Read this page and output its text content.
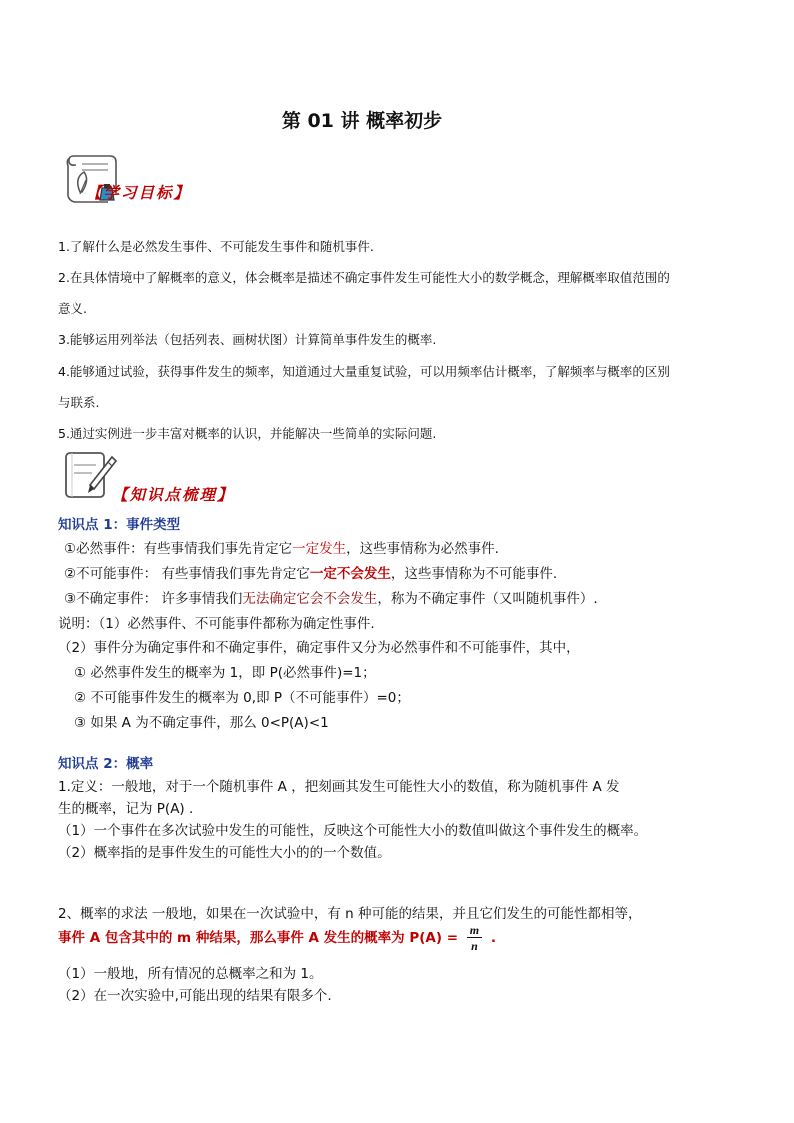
第 01 讲 概率初步
【学习目标】
1.了解什么是必然发生事件、不可能发生事件和随机事件.
2.在具体情境中了解概率的意义，体会概率是描述不确定事件发生可能性大小的数学概念，理解概率取值范围的
意义.
3.能够运用列举法（包括列表、画树状图）计算简单事件发生的概率.
4.能够通过试验，获得事件发生的频率，知道通过大量重复试验，可以用频率估计概率，了解频率与概率的区别
与联系.
5.通过实例进一步丰富对概率的认识，并能解决一些简单的实际问题.
【知识点梳理】
知识点 1：事件类型
①必然事件：有些事情我们事先肯定它一定发生，这些事情称为必然事件.
②不可能事件： 有些事情我们事先肯定它一定不会发生，这些事情称为不可能事件.
③不确定事件： 许多事情我们无法确定它会不会发生，称为不确定事件（又叫随机事件）.
说明：（1）必然事件、不可能事件都称为确定性事件.
（2）事件分为确定事件和不确定事件，确定事件又分为必然事件和不可能事件，其中，
① 必然事件发生的概率为 1，即 P(必然事件)=1；
② 不可能事件发生的概率为 0,即 P（不可能事件）=0；
③ 如果 A 为不确定事件，那么 0<P(A)<1
知识点 2：概率
1.定义：一般地，对于一个随机事件 A ，把刻画其发生可能性大小的数值，称为随机事件 A 发
生的概率，记为 P(A) .
（1）一个事件在多次试验中发生的可能性，反映这个可能性大小的数值叫做这个事件发生的概率。
（2）概率指的是事件发生的可能性大小的的一个数值。
2、概率的求法 一般地，如果在一次试验中，有 n 种可能的结果，并且它们发生的可能性都相等，
事件 A 包含其中的 m 种结果，那么事件 A 发生的概率为 $P(A) = \frac{m}{n}$ .
（1）一般地，所有情况的总概率之和为 1。
（2）在一次实验中,可能出现的结果有限多个.
